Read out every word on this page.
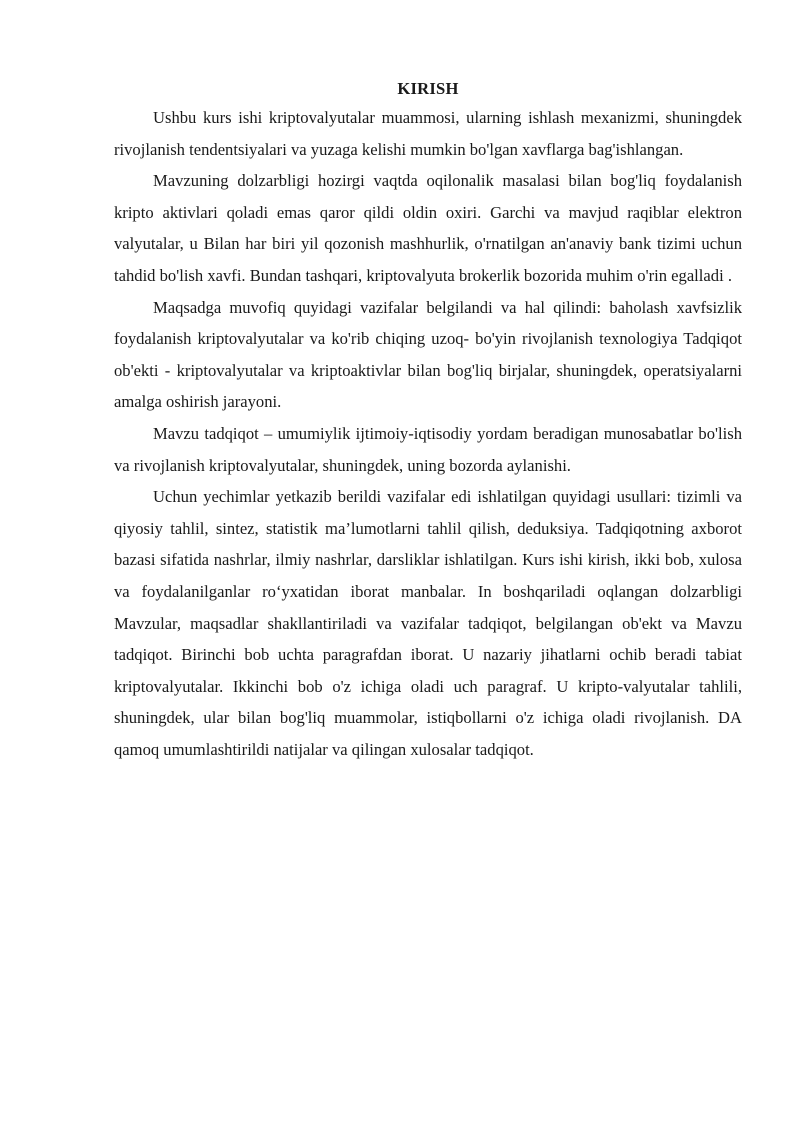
KIRISH

Ushbu kurs ishi kriptovalyutalar muammosi, ularning ishlash mexanizmi, shuningdek rivojlanish tendentsiyalari va yuzaga kelishi mumkin bo'lgan xavflarga bag'ishlangan.

Mavzuning dolzarbligi hozirgi vaqtda oqilonalik masalasi bilan bog'liq foydalanish kripto aktivlari qoladi emas qaror qildi oldin oxiri. Garchi va mavjud raqiblar elektron valyutalar, u Bilan har biri yil qozonish mashhurlik, o'rnatilgan an'anaviy bank tizimi uchun tahdid bo'lish xavfi. Bundan tashqari, kriptovalyuta brokerlik bozorida muhim o'rin egalladi .

Maqsadga muvofiq quyidagi vazifalar belgilandi va hal qilindi: baholash xavfsizlik foydalanish kriptovalyutalar va ko'rib chiqing uzoq- bo'yin rivojlanish texnologiya Tadqiqot ob'ekti - kriptovalyutalar va kriptoaktivlar bilan bog'liq birjalar, shuningdek, operatsiyalarni amalga oshirish jarayoni.

Mavzu tadqiqot – umumiylik ijtimoiy-iqtisodiy yordam beradigan munosabatlar bo'lish va rivojlanish kriptovalyutalar, shuningdek, uning bozorda aylanishi.

Uchun yechimlar yetkazib berildi vazifalar edi ishlatilgan quyidagi usullari: tizimli va qiyosiy tahlil, sintez, statistik ma’lumotlarni tahlil qilish, deduksiya. Tadqiqotning axborot bazasi sifatida nashrlar, ilmiy nashrlar, darsliklar ishlatilgan. Kurs ishi kirish, ikki bob, xulosa va foydalanilganlar ro‘yxatidan iborat manbalar. In boshqariladi oqlangan dolzarbligi Mavzular, maqsadlar shakllantiriladi va vazifalar tadqiqot, belgilangan ob'ekt va Mavzu tadqiqot. Birinchi bob uchta paragrafdan iborat. U nazariy jihatlarni ochib beradi tabiat kriptovalyutalar. Ikkinchi bob o'z ichiga oladi uch paragraf. U kripto-valyutalar tahlili, shuningdek, ular bilan bog'liq muammolar, istiqbollarni o'z ichiga oladi rivojlanish. DA qamoq umumlashtirildi natijalar va qilingan xulosalar tadqiqot.
